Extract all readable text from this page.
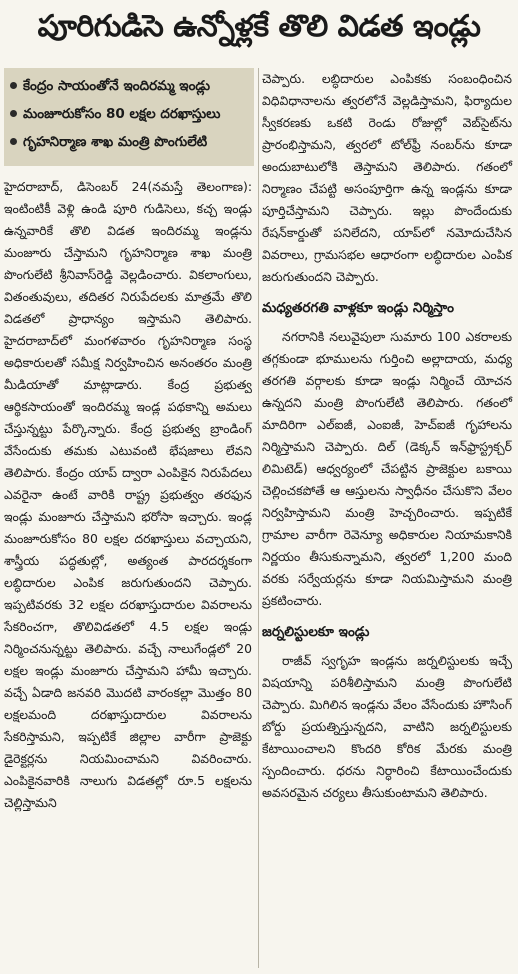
పూరిగుడిసె ఉన్నోళ్లకే తొలి విడత ఇండ్లు
కేంద్రం సాయంతోనే ఇందిరమ్మ ఇండ్లు
మంజూరుకోసం 80 లక్షల దరఖాస్తులు
గృహనిర్మాణ శాఖ మంత్రి పొంగులేటి

హైదరాబాద్, డిసెంబర్ 24(నమస్తే తెలంగాణ): ఇంటింటికీ వెళ్లి ఉండి పూరి గుడిసెలు, కచ్చ ఇండ్లు ఉన్నవారికే తొలి విడత ఇందిరమ్మ ఇండ్లను మంజూరు చేస్తామని గృహనిర్మాణ శాఖ మంత్రి పొంగులేటి శ్రీనివాస్‌రెడ్డి వెల్లడించారు. వికలాంగులు, వితంతువులు, తదితర నిరుపేదలకు మాత్రమే తొలి విడతలో ప్రాధాన్యం ఇస్తామని తెలిపారు. హైదరాబాద్‌లో మంగళవారం గృహనిర్మాణ సంస్థ అధికారులతో సమీక్ష నిర్వహించిన అనంతరం మంత్రి మీడియాతో మాట్లాడారు. కేంద్ర ప్రభుత్వ ఆర్థికసాయంతో ఇందిరమ్మ ఇండ్ల పథకాన్ని అమలు చేస్తున్నట్టు పేర్కొన్నారు. కేంద్ర ప్రభుత్వ బ్రాండింగ్ వేసేందుకు తమకు ఎటువంటి భేషజాలు లేవని తెలిపారు. కేంద్రం యాప్ ద్వారా ఎంపికైన నిరుపేదలు ఎవరైనా ఉంటే వారికి రాష్ట్ర ప్రభుత్వం తరఫున ఇండ్లు మంజూరు చేస్తామని భరోసా ఇచ్చారు. ఇండ్ల మంజూరుకోసం 80 లక్షల దరఖాస్తులు వచ్చాయని, శాస్త్రీయ పద్ధతుల్లో, అత్యంత పారదర్శకంగా లబ్ధిదారుల ఎంపిక జరుగుతుందని చెప్పారు. ఇప్పటివరకు 32 లక్షల దరఖాస్తుదారుల వివరాలను సేకరించగా, తొలివిడతలో 4.5 లక్షల ఇండ్లు నిర్మించనున్నట్టు తెలిపారు. వచ్చే నాలుగేండ్లలో 20 లక్షల ఇండ్లు మంజూరు చేస్తామని హామీ ఇచ్చారు. వచ్చే ఏడాది జనవరి మొదటి వారంకల్లా మొత్తం 80 లక్షలమంది దరఖాస్తుదారుల వివరాలను సేకరిస్తామని, ఇప్పటికే జిల్లాల వారీగా ప్రాజెక్టు డైరెక్టర్లను నియమించామని వివరించారు. ఎంపికైనవారికి నాలుగు విడతల్లో రూ.5 లక్షలను చెల్లిస్తామని

చెప్పారు. లబ్ధిదారుల ఎంపికకు సంబంధించిన విధివిధానాలను త్వరలోనే వెల్లడిస్తామని, ఫిర్యాదుల స్వీకరణకు ఒకటి రెండు రోజుల్లో వెబ్‌సైట్‌ను ప్రారంభిస్తామని, త్వరలో టోల్‌ఫ్రీ నంబర్‌ను కూడా అందుబాటులోకి తెస్తామని తెలిపారు. గతంలో నిర్మాణం చేపట్టి అసంపూర్తిగా ఉన్న ఇండ్లను కూడా పూర్తిచేస్తామని చెప్పారు. ఇల్లు పొందేందుకు రేషన్‌కార్డుతో పనిలేదని, యాప్‌లో నమోదుచేసిన వివరాలు, గ్రామసభల ఆధారంగా లబ్ధిదారుల ఎంపిక జరుగుతుందని చెప్పారు.

మధ్యతరగతి వాళ్లకూ ఇండ్లు నిర్మిస్తాం

నగరానికి నలువైపులా సుమారు 100 ఎకరాలకు తగ్గకుండా భూములను గుర్తించి అల్లాదాయ, మధ్య తరగతి వర్గాలకు కూడా ఇండ్లు నిర్మించే యోచన ఉన్నదని మంత్రి పొంగులేటి తెలిపారు. గతంలో మాదిరిగా ఎల్‌ఐజీ, ఎంఐజీ, హెచ్‌ఐజీ గృహాలను నిర్మిస్తామని చెప్పారు. దిల్ (డెక్కన్ ఇన్‌ఫ్రాస్ట్రక్చర్ లిమిటెడ్) ఆధ్వర్యంలో చేపట్టిన ప్రాజెక్టుల బకాయి చెల్లించకపోతే ఆ ఆస్తులను స్వాధీనం చేసుకొని వేలం నిర్వహిస్తామని మంత్రి హెచ్చరించారు. ఇప్పటికే గ్రామాల వారీగా రెవెన్యూ అధికారుల నియామకానికి నిర్ణయం తీసుకున్నామని, త్వరలో 1,200 మంది వరకు సర్వేయర్లను కూడా నియమిస్తామని మంత్రి ప్రకటించారు.

జర్నలిస్టులకూ ఇండ్లు

రాజీవ్ స్వగృహ ఇండ్లను జర్నలిస్టులకు ఇచ్చే విషయాన్ని పరిశీలిస్తామని మంత్రి పొంగులేటి చెప్పారు. మిగిలిన ఇండ్లను వేలం వేసేందుకు హౌసింగ్ బోర్డు ప్రయత్నిస్తున్నదని, వాటిని జర్నలిస్టులకు కేటాయించాలని కొందరి కోరిక మేరకు మంత్రి స్పందించారు. ధరను నిర్ధారించి కేటాయించేందుకు అవసరమైన చర్యలు తీసుకుంటామని తెలిపారు.
